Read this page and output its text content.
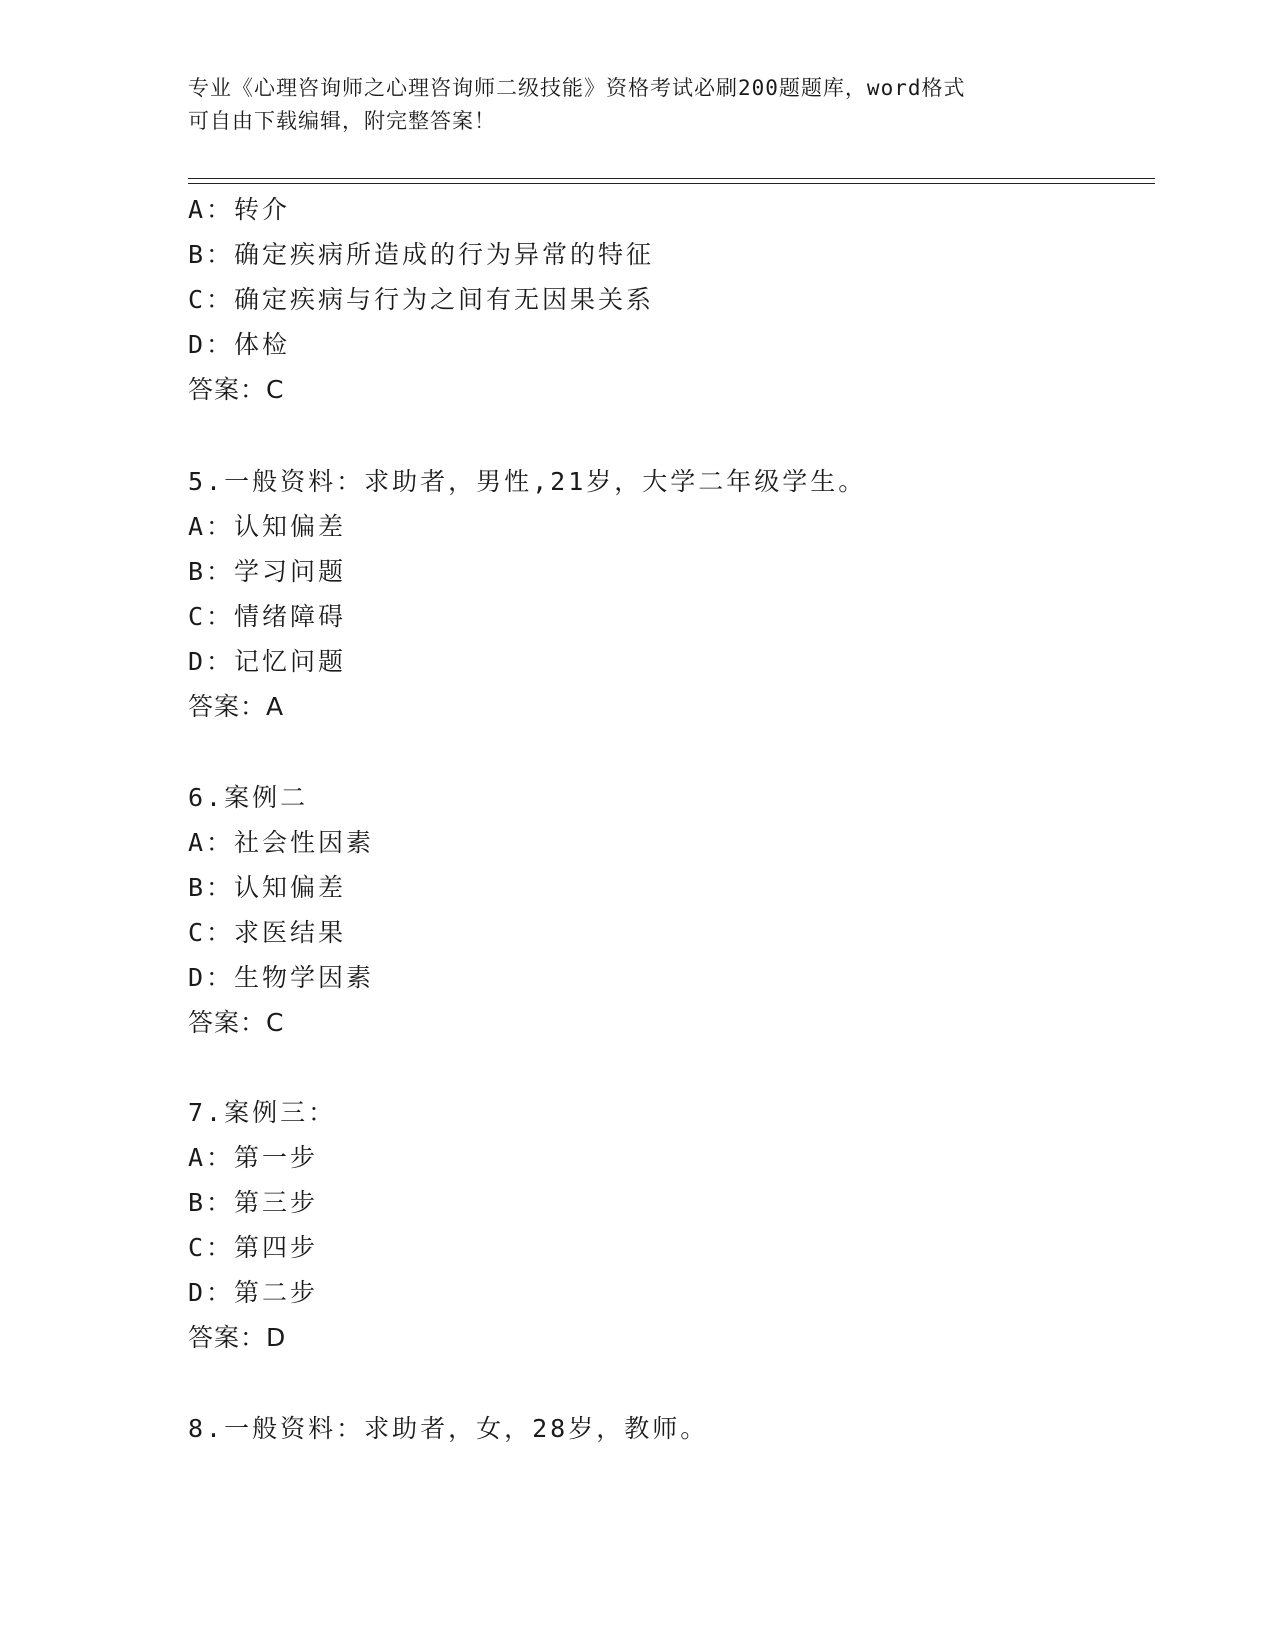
专业《心理咨询师之心理咨询师二级技能》资格考试必刷200题题库，word格式
可自由下载编辑，附完整答案！
A：转介
B：确定疾病所造成的行为异常的特征
C：确定疾病与行为之间有无因果关系
D：体检
答案：C
5.一般资料：求助者，男性,21岁，大学二年级学生。
A：认知偏差
B：学习问题
C：情绪障碍
D：记忆问题
答案：A
6.案例二
A：社会性因素
B：认知偏差
C：求医结果
D：生物学因素
答案：C
7.案例三：
A：第一步
B：第三步
C：第四步
D：第二步
答案：D
8.一般资料：求助者，女，28岁，教师。
